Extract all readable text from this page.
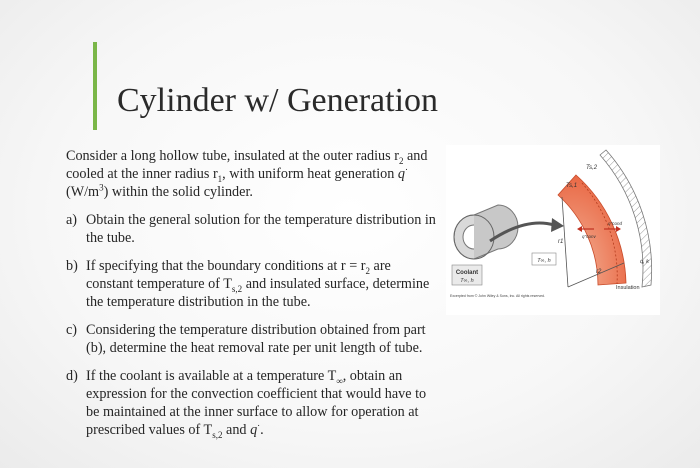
Cylinder w/ Generation

Consider a long hollow tube, insulated at the outer radius $r_2$ and cooled at the inner radius $r_1$, with uniform heat generation q· $(W/m^3)$ within the solid cylinder.

a) Obtain the general solution for the temperature distribution in the tube.
b) If specifying that the boundary conditions at $r = r_2$ are constant temperature of $T_{s,2}$ and insulated surface, determine the temperature distribution in the tube.
c) Considering the temperature distribution obtained from part (b), determine the heat removal rate per unit length of tube.
d) If the coolant is available at a temperature $T_\infty$, obtain an expression for the convection coefficient that would have to be maintained at the inner surface to allow for operation at prescribed values of $T_{s,2}$ and q·.
Coolant
T∞, h
T∞, h
Ts,2
Ts,1
q''conv
q''cond
r1
r2
q̇, k
Insulation
Excerpted from © John Wiley & Sons, Inc. All rights reserved.
